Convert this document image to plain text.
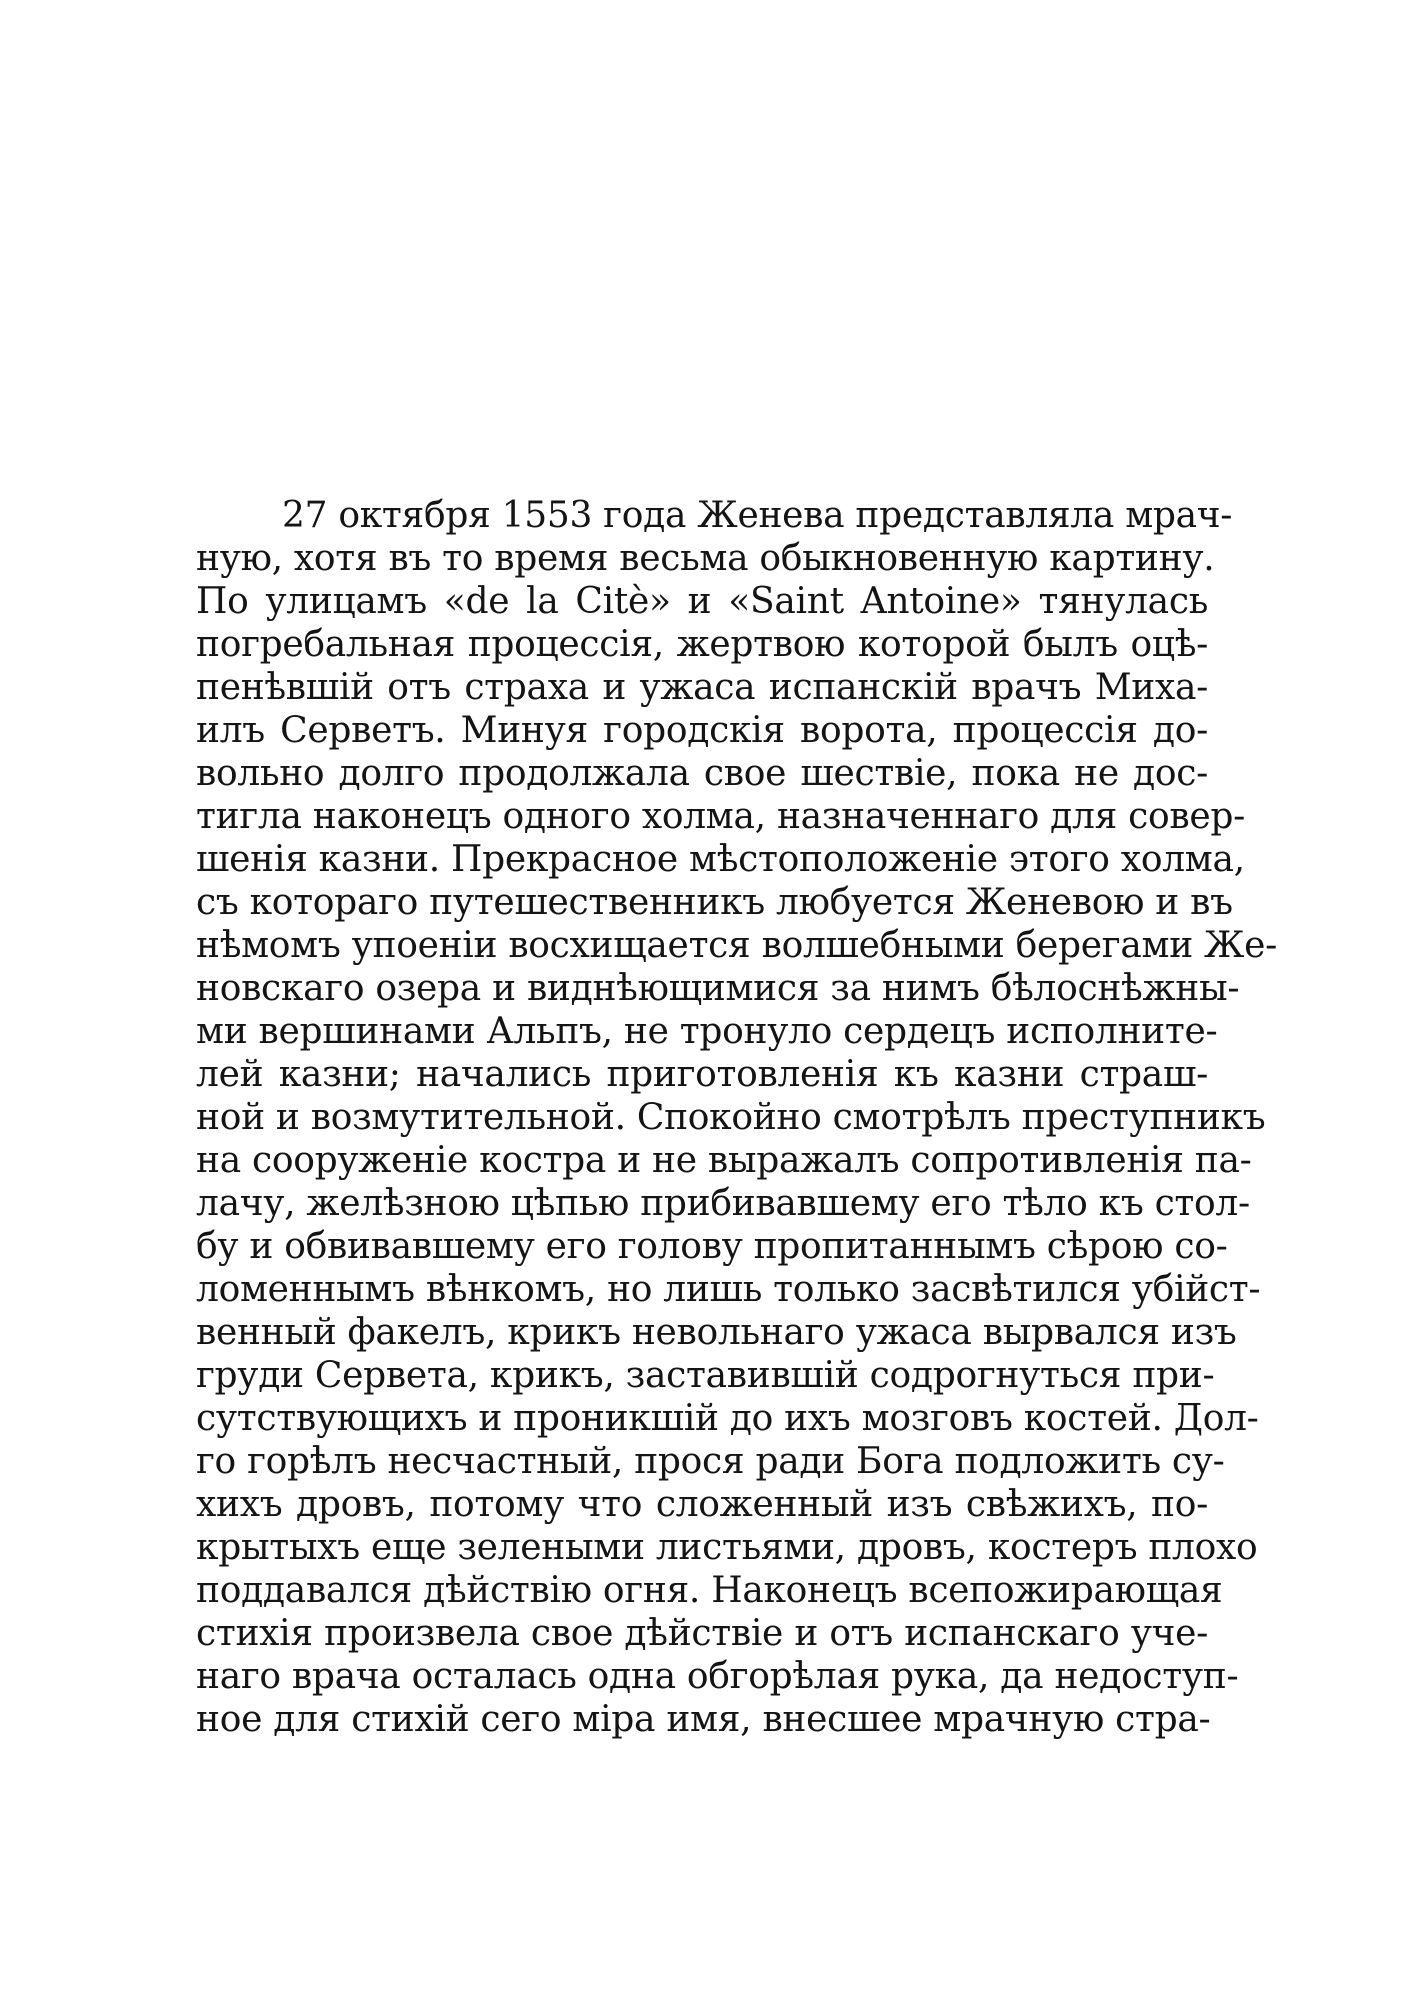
27 октября 1553 года Женева представляла мрач-
ную, хотя въ то время весьма обыкновенную картину.
По улицамъ «de la Citè» и «Saint Antoine» тянулась
погребальная процессія, жертвою которой былъ оцѣ-
пенѣвшій отъ страха и ужаса испанскій врачъ Миха-
илъ Серветъ. Минуя городскія ворота, процессія до-
вольно долго продолжала свое шествіе, пока не дос-
тигла наконецъ одного холма, назначеннаго для совер-
шенія казни. Прекрасное мѣстоположеніе этого холма,
съ котораго путешественникъ любуется Женевою и въ
нѣмомъ упоеніи восхищается волшебными берегами Же-
новскаго озера и виднѣющимися за нимъ бѣлоснѣжны-
ми вершинами Альпъ, не тронуло сердецъ исполните-
лей казни; начались приготовленія къ казни страш-
ной и возмутительной. Спокойно смотрѣлъ преступникъ
на сооруженіе костра и не выражалъ сопротивленія па-
лачу, желѣзною цѣпью прибивавшему его тѣло къ стол-
бу и обвивавшему его голову пропитаннымъ сѣрою со-
ломеннымъ вѣнкомъ, но лишь только засвѣтился убійст-
венный факелъ, крикъ невольнаго ужаса вырвался изъ
груди Сервета, крикъ, заставившій содрогнуться при-
сутствующихъ и проникшій до ихъ мозговъ костей. Дол-
го горѣлъ несчастный, прося ради Бога подложить су-
хихъ дровъ, потому что сложенный изъ свѣжихъ, по-
крытыхъ еще зелеными листьями, дровъ, костеръ плохо
поддавался дѣйствію огня. Наконецъ всепожирающая
стихія произвела свое дѣйствіе и отъ испанскаго уче-
наго врача осталась одна обгорѣлая рука, да недоступ-
ное для стихій сего міра имя, внесшее мрачную стра-
